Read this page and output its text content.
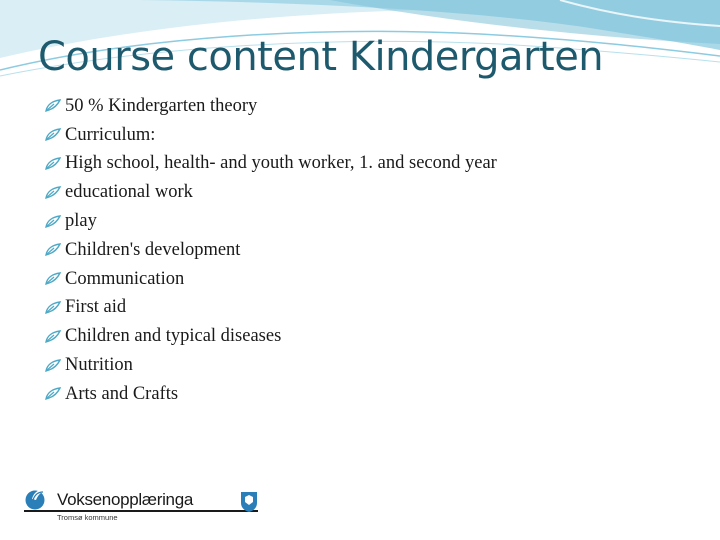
Course content Kindergarten
50 % Kindergarten theory
Curriculum:
High school, health- and youth worker, 1. and second year
educational work
play
Children's development
Communication
First aid
Children and typical diseases
Nutrition
Arts and Crafts
Voksenopplæringa
Tromsø kommune
